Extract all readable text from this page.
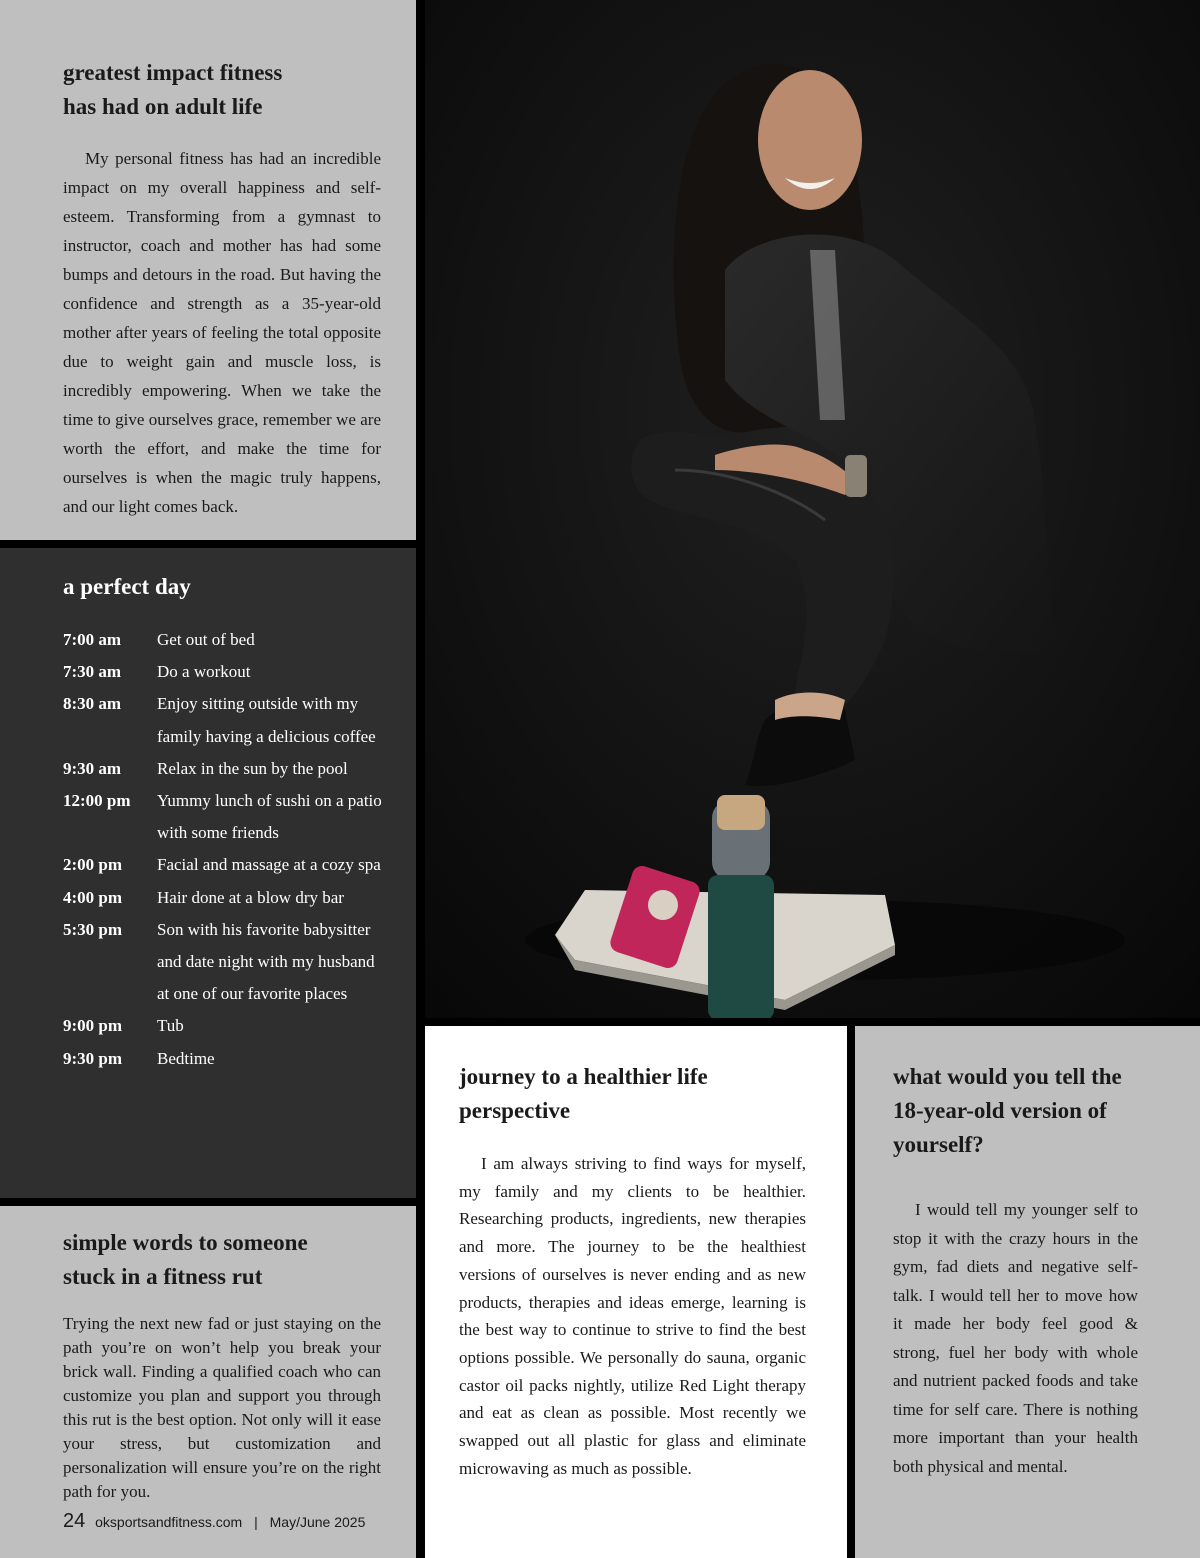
greatest impact fitness
has had on adult life

My personal fitness has had an incredible impact on my overall happiness and self-esteem. Transforming from a gymnast to instructor, coach and mother has had some bumps and detours in the road. But having the confidence and strength as a 35-year-old mother after years of feeling the total opposite due to weight gain and muscle loss, is incredibly empowering. When we take the time to give ourselves grace, remember we are worth the effort, and make the time for ourselves is when the magic truly happens, and our light comes back.

a perfect day
7:00 am	Get out of bed
7:30 am	Do a workout
8:30 am	Enjoy sitting outside with my family having a delicious coffee
9:30 am	Relax in the sun by the pool
12:00 pm	Yummy lunch of sushi on a patio with some friends
2:00 pm	Facial and massage at a cozy spa
4:00 pm	Hair done at a blow dry bar
5:30 pm	Son with his favorite babysitter and date night with my husband at one of our favorite places
9:00 pm	Tub
9:30 pm	Bedtime
simple words to someone
stuck in a fitness rut

Trying the next new fad or just staying on the path you’re on won’t help you break your brick wall. Finding a qualified coach who can customize you plan and support you through this rut is the best option. Not only will it ease your stress, but customization and personalization will ensure you’re on the right path for you.

journey to a healthier life
perspective

I am always striving to find ways for myself, my family and my clients to be healthier. Researching products, ingredients, new therapies and more. The journey to be the healthiest versions of ourselves is never ending and as new products, therapies and ideas emerge, learning is the best way to continue to strive to find the best options possible. We personally do sauna, organic castor oil packs nightly, utilize Red Light therapy and eat as clean as possible. Most recently we swapped out all plastic for glass and eliminate microwaving as much as possible.

what would you tell the
18-year-old version of
yourself?

I would tell my younger self to stop it with the crazy hours in the gym, fad diets and negative self-talk. I would tell her to move how it made her body feel good & strong, fuel her body with whole and nutrient packed foods and take time for self care. There is nothing more important than your health both physical and mental.

24 oksportsandfitness.com | May/June 2025
